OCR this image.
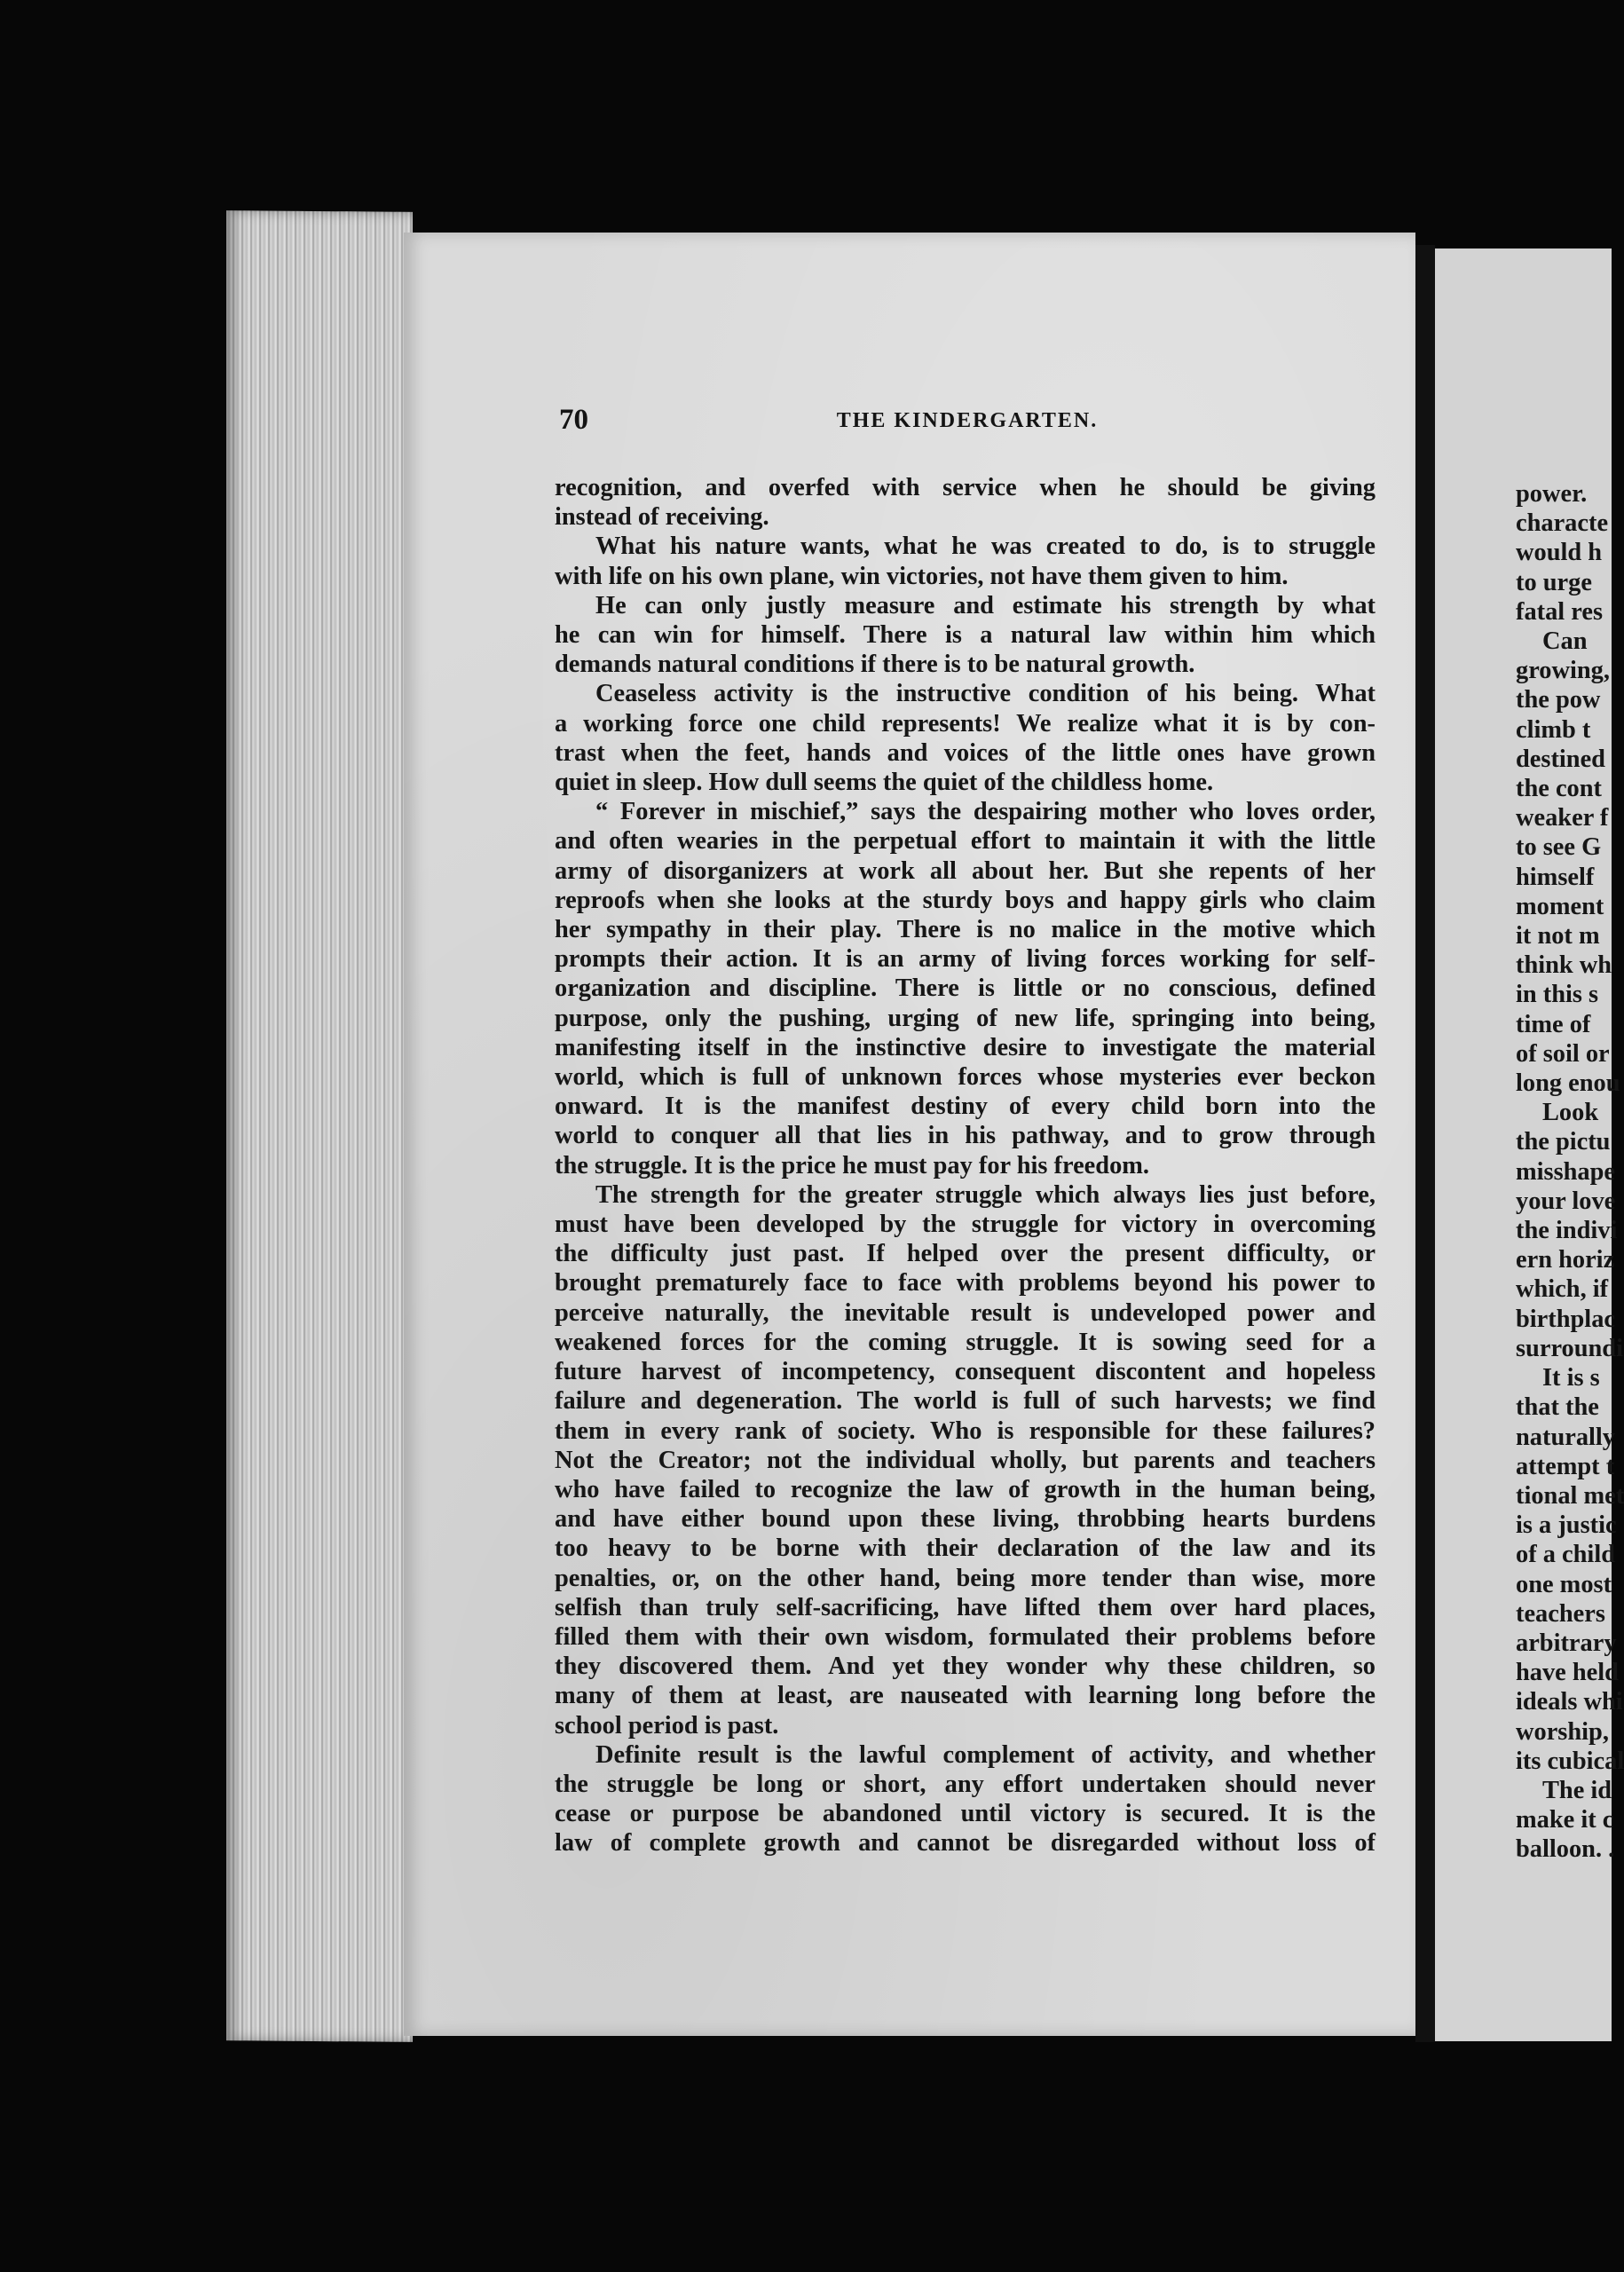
70	THE KINDERGARTEN.
recognition, and overfed with service when he should be giving
instead of receiving.
What his nature wants, what he was created to do, is to struggle
with life on his own plane, win victories, not have them given to him.
He can only justly measure and estimate his strength by what
he can win for himself. There is a natural law within him which
demands natural conditions if there is to be natural growth.
Ceaseless activity is the instructive condition of his being. What
a working force one child represents! We realize what it is by con-
trast when the feet, hands and voices of the little ones have grown
quiet in sleep. How dull seems the quiet of the childless home.
“ Forever in mischief,” says the despairing mother who loves order,
and often wearies in the perpetual effort to maintain it with the little
army of disorganizers at work all about her. But she repents of her
reproofs when she looks at the sturdy boys and happy girls who claim
her sympathy in their play. There is no malice in the motive which
prompts their action. It is an army of living forces working for self-
organization and discipline. There is little or no conscious, defined
purpose, only the pushing, urging of new life, springing into being,
manifesting itself in the instinctive desire to investigate the material
world, which is full of unknown forces whose mysteries ever beckon
onward. It is the manifest destiny of every child born into the
world to conquer all that lies in his pathway, and to grow through
the struggle. It is the price he must pay for his freedom.
The strength for the greater struggle which always lies just before,
must have been developed by the struggle for victory in overcoming
the difficulty just past. If helped over the present difficulty, or
brought prematurely face to face with problems beyond his power to
perceive naturally, the inevitable result is undeveloped power and
weakened forces for the coming struggle. It is sowing seed for a
future harvest of incompetency, consequent discontent and hopeless
failure and degeneration. The world is full of such harvests; we find
them in every rank of society. Who is responsible for these failures?
Not the Creator; not the individual wholly, but parents and teachers
who have failed to recognize the law of growth in the human being,
and have either bound upon these living, throbbing hearts burdens
too heavy to be borne with their declaration of the law and its
penalties, or, on the other hand, being more tender than wise, more
selfish than truly self-sacrificing, have lifted them over hard places,
filled them with their own wisdom, formulated their problems before
they discovered them. And yet they wonder why these children, so
many of them at least, are nauseated with learning long before the
school period is past.
Definite result is the lawful complement of activity, and whether
the struggle be long or short, any effort undertaken should never
cease or purpose be abandoned until victory is secured. It is the
law of complete growth and cannot be disregarded without loss of
power.
characte
would h
to urge
fatal res
Can
growing,
the pow
climb t
destined
the cont
weaker f
to see G
himself
moment
it not m
think wh
in this s
time of
of soil or
long enou
Look
the pictu
misshape
your love
the indivi
ern horiz
which, if
birthplac
surroundi
It is s
that the
naturally
attempt t
tional met
is a justic
of a child
one most
teachers
arbitrary
have held
ideals whi
worship,
its cubical
The id
make it c
balloon. .
